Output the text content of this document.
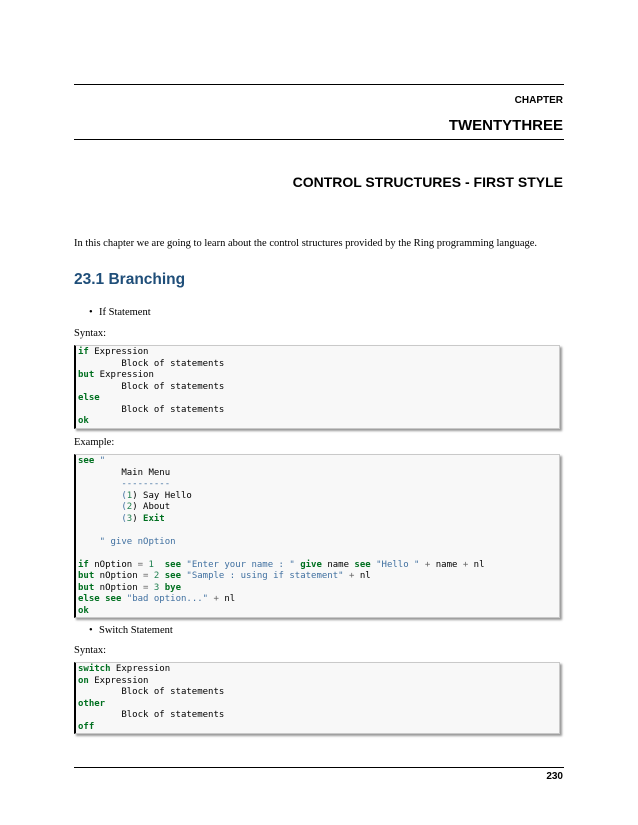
CHAPTER
TWENTYTHREE
CONTROL STRUCTURES - FIRST STYLE
In this chapter we are going to learn about the control structures provided by the Ring programming language.
23.1 Branching
• If Statement
Syntax:
if Expression
Block of statements
but Expression
Block of statements
else
Block of statements
ok
Example:
see "
Main Menu
---------
(1) Say Hello
(2) About
(3) Exit
" give nOption
if nOption = 1 see "Enter your name : " give name see "Hello " + name + nl
but nOption = 2 see "Sample : using if statement" + nl
but nOption = 3 bye
else see "bad option..." + nl
ok
• Switch Statement
Syntax:
switch Expression
on Expression
Block of statements
other
Block of statements
off
230
